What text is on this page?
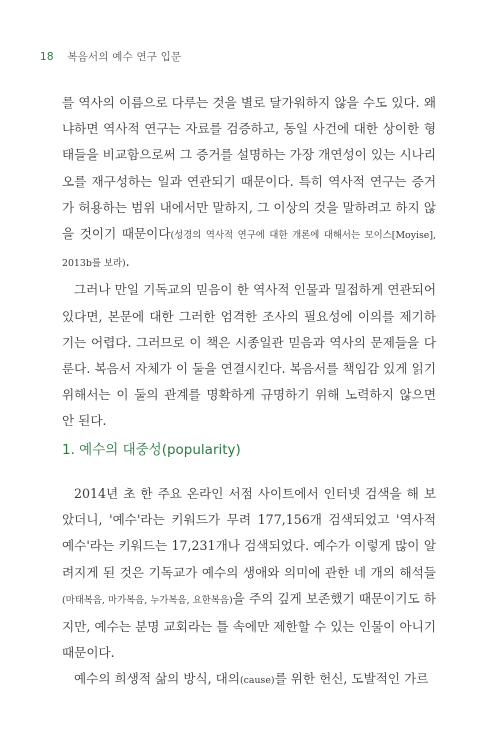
18 복음서의 예수 연구 입문

를 역사의 이름으로 다루는 것을 별로 달가워하지 않을 수도 있다. 왜냐하면 역사적 연구는 자료를 검증하고, 동일 사건에 대한 상이한 형태들을 비교함으로써 그 증거를 설명하는 가장 개연성이 있는 시나리오를 재구성하는 일과 연관되기 때문이다. 특히 역사적 연구는 증거가 허용하는 범위 내에서만 말하지, 그 이상의 것을 말하려고 하지 않을 것이기 때문이다(성경의 역사적 연구에 대한 개론에 대해서는 모이스[Moyise], 2013b를 보라).

그러나 만일 기독교의 믿음이 한 역사적 인물과 밀접하게 연관되어 있다면, 본문에 대한 그러한 엄격한 조사의 필요성에 이의를 제기하기는 어렵다. 그러므로 이 책은 시종일관 믿음과 역사의 문제들을 다룬다. 복음서 자체가 이 둘을 연결시킨다. 복음서를 책임감 있게 읽기 위해서는 이 둘의 관계를 명확하게 규명하기 위해 노력하지 않으면 안 된다.

1. 예수의 대중성(popularity)

2014년 초 한 주요 온라인 서점 사이트에서 인터넷 검색을 해 보았더니, '예수'라는 키워드가 무려 177,156개 검색되었고 '역사적 예수'라는 키워드는 17,231개나 검색되었다. 예수가 이렇게 많이 알려지게 된 것은 기독교가 예수의 생애와 의미에 관한 네 개의 해석들(마태복음, 마가복음, 누가복음, 요한복음)을 주의 깊게 보존했기 때문이기도 하지만, 예수는 분명 교회라는 틀 속에만 제한할 수 있는 인물이 아니기 때문이다.

예수의 희생적 삶의 방식, 대의(cause)를 위한 헌신, 도발적인 가르
